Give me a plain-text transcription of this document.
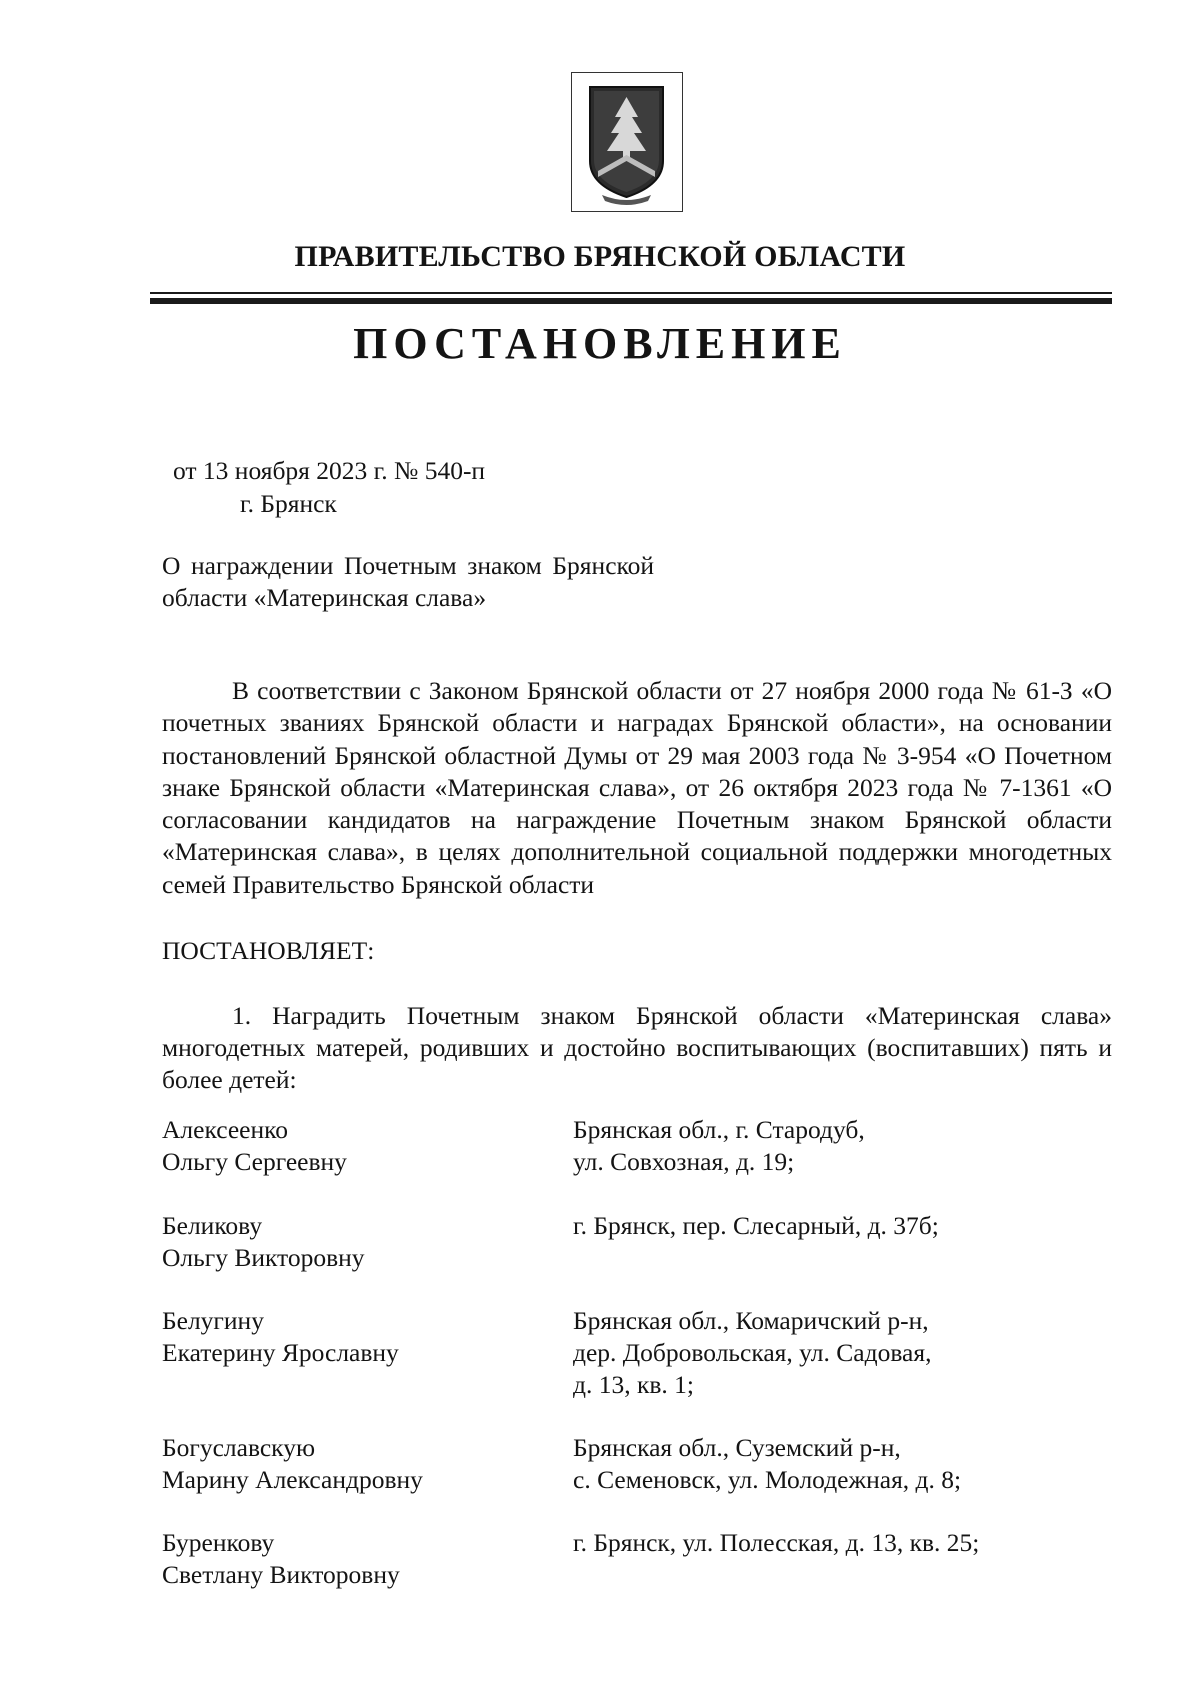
ПРАВИТЕЛЬСТВО БРЯНСКОЙ ОБЛАСТИ
ПОСТАНОВЛЕНИЕ
от 13 ноября 2023 г. № 540-п
г. Брянск
О награждении Почетным знаком Брянской области «Материнская слава»
В соответствии с Законом Брянской области от 27 ноября 2000 года № 61-З «О почетных званиях Брянской области и наградах Брянской области», на основании постановлений Брянской областной Думы от 29 мая 2003 года № 3-954 «О Почетном знаке Брянской области «Материнская слава», от 26 октября 2023 года № 7-1361 «О согласовании кандидатов на награждение Почетным знаком Брянской области «Материнская слава», в целях дополнительной социальной поддержки многодетных семей Правительство Брянской области
ПОСТАНОВЛЯЕТ:
1. Наградить Почетным знаком Брянской области «Материнская слава» многодетных матерей, родивших и достойно воспитывающих (воспитавших) пять и более детей:
Алексеенко
Ольгу Сергеевну
Брянская обл., г. Стародуб,
ул. Совхозная, д. 19;
Беликову
Ольгу Викторовну
г. Брянск, пер. Слесарный, д. 37б;
Белугину
Екатерину Ярославну
Брянская обл., Комаричский р-н,
дер. Добровольская, ул. Садовая,
д. 13, кв. 1;
Богуславскую
Марину Александровну
Брянская обл., Суземский р-н,
с. Семеновск, ул. Молодежная, д. 8;
Буренкову
Светлану Викторовну
г. Брянск, ул. Полесская, д. 13, кв. 25;
